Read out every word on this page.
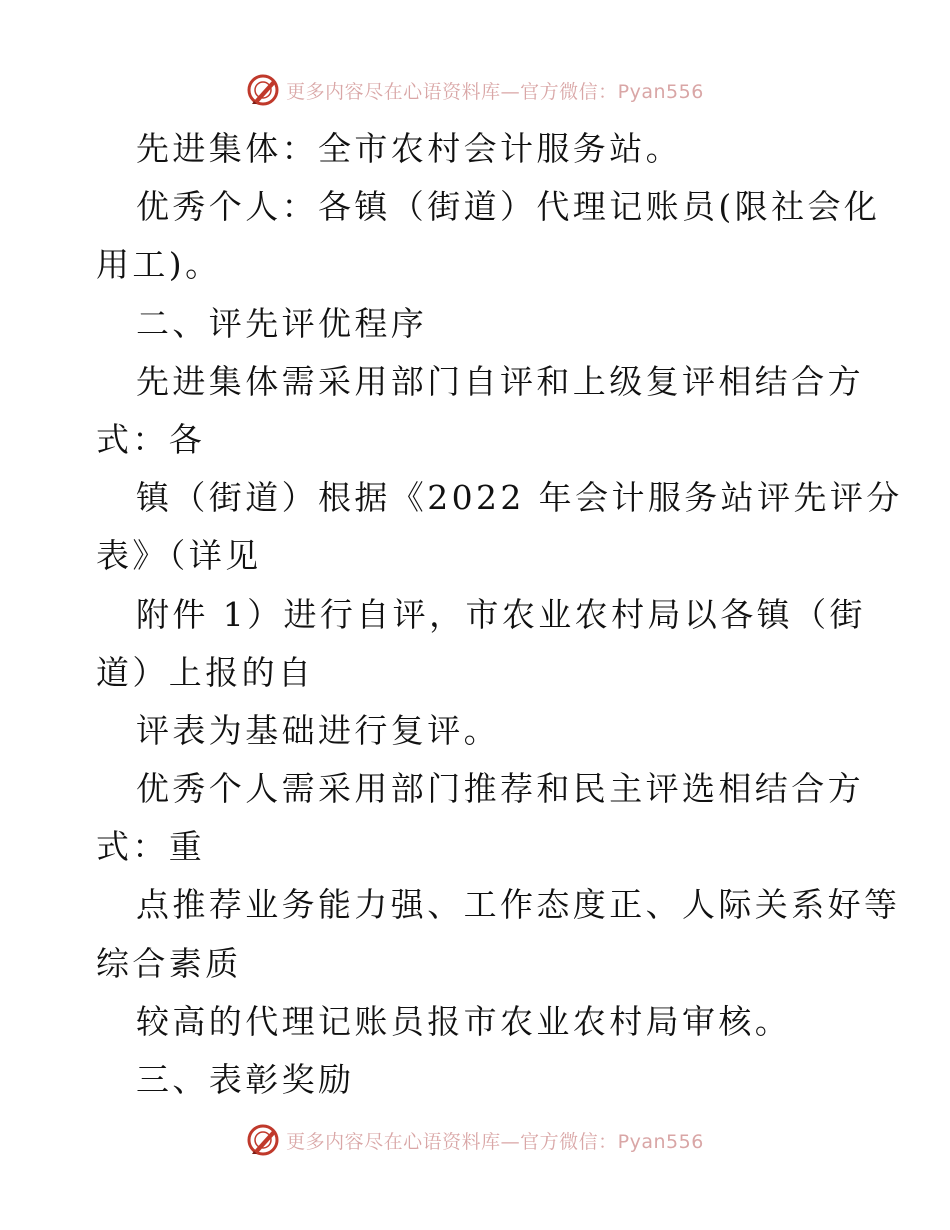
更多内容尽在心语资料库—官方微信：Pyan556
先进集体：全市农村会计服务站。
优秀个人：各镇（街道）代理记账员(限社会化
用工)。
二、评先评优程序
先进集体需采用部门自评和上级复评相结合方
式：各
镇（街道）根据《2022 年会计服务站评先评分
表》（详见
附件 1）进行自评，市农业农村局以各镇（街
道）上报的自
评表为基础进行复评。
优秀个人需采用部门推荐和民主评选相结合方
式：重
点推荐业务能力强、工作态度正、人际关系好等
综合素质
较高的代理记账员报市农业农村局审核。
三、表彰奖励
更多内容尽在心语资料库—官方微信：Pyan556
